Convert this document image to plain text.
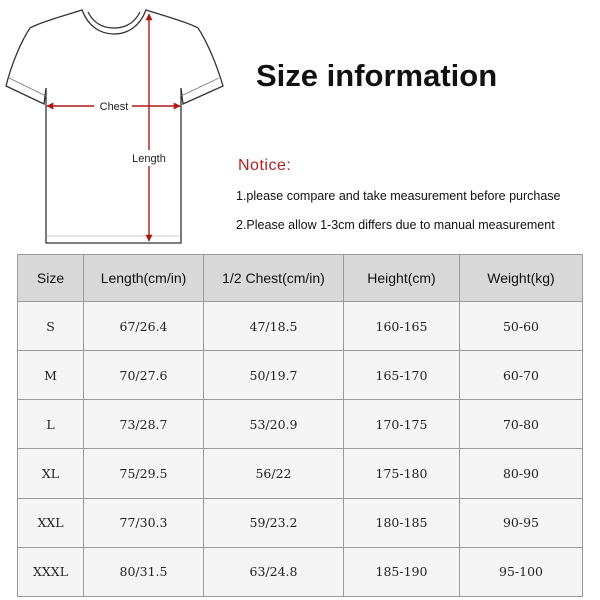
Chest
Length
Size information
Notice:
1.please compare and take measurement before purchase
2.Please allow 1-3cm differs due to manual measurement
Size	Length(cm/in)	1/2 Chest(cm/in)	Height(cm)	Weight(kg)
S	67/26.4	47/18.5	160-165	50-60
M	70/27.6	50/19.7	165-170	60-70
L	73/28.7	53/20.9	170-175	70-80
XL	75/29.5	56/22	175-180	80-90
XXL	77/30.3	59/23.2	180-185	90-95
XXXL	80/31.5	63/24.8	185-190	95-100
